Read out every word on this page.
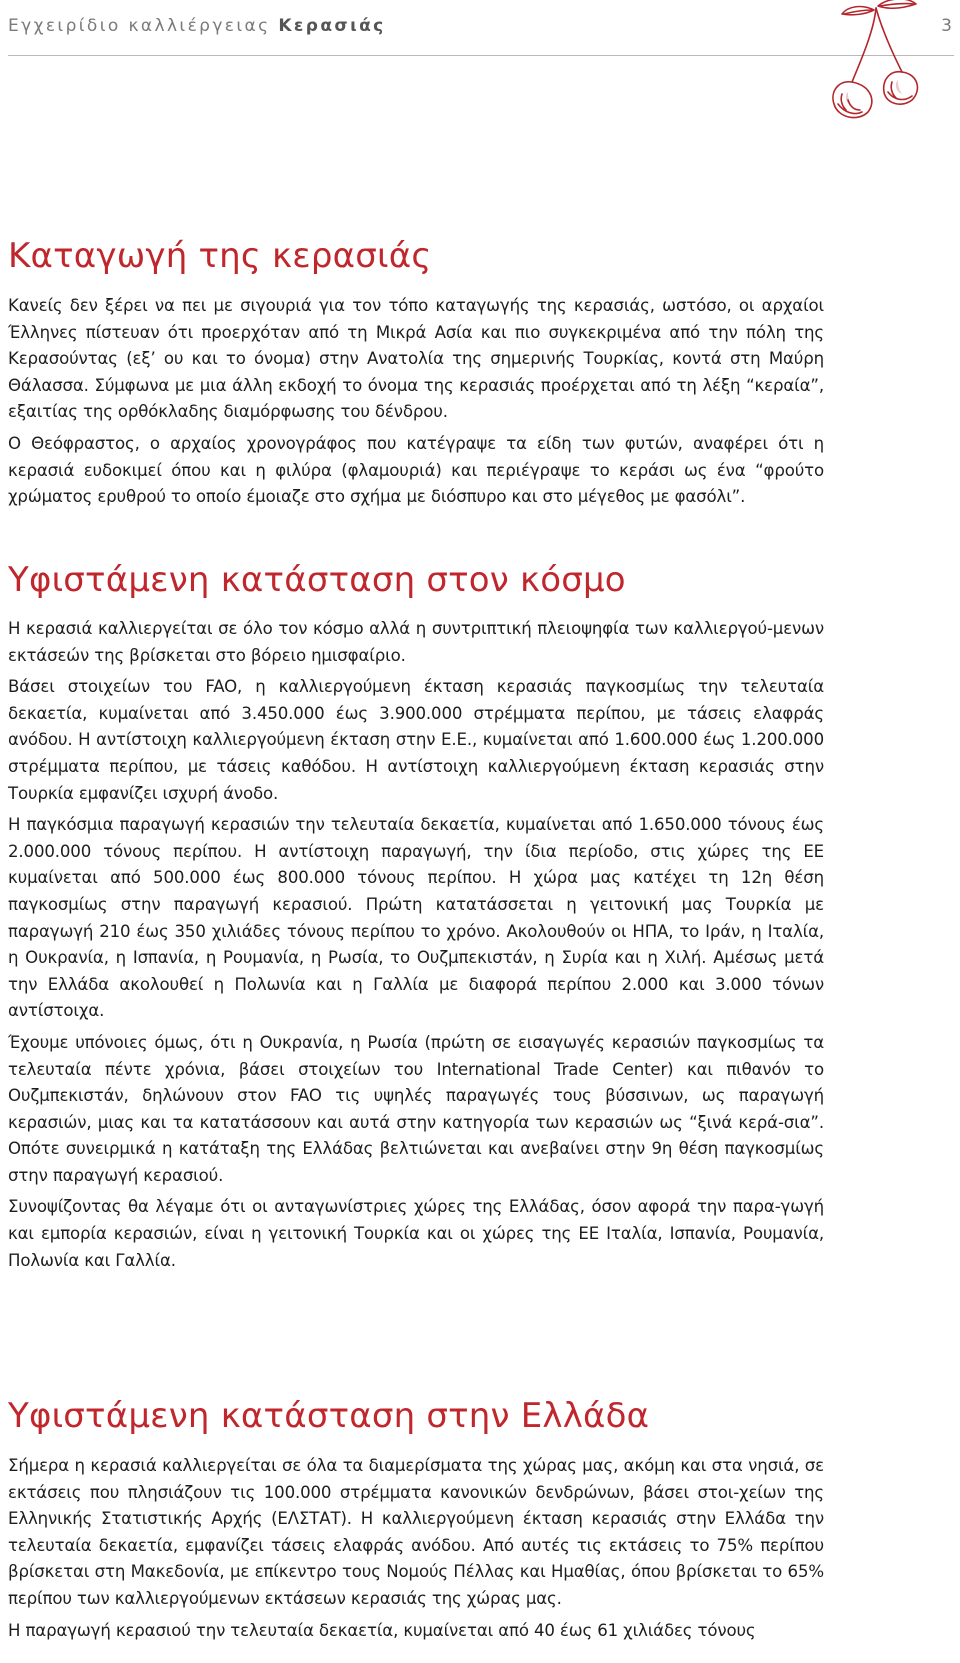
Εγχειρίδιο καλλιέργειας Κερασιάς	3
Καταγωγή της κερασιάς

Κανείς δεν ξέρει να πει με σιγουριά για τον τόπο καταγωγής της κερασιάς, ωστόσο, οι αρχαίοι Έλληνες πίστευαν ότι προερχόταν από τη Μικρά Ασία και πιο συγκεκριμένα από την πόλη της Κερασούντας (εξ’ ου και το όνομα) στην Ανατολία της σημερινής Τουρκίας, κοντά στη Μαύρη Θάλασσα. Σύμφωνα με μια άλλη εκδοχή το όνομα της κερασιάς προέρχεται από τη λέξη “κεραία”, εξαιτίας της ορθόκλαδης διαμόρφωσης του δένδρου.

Ο Θεόφραστος, ο αρχαίος χρονογράφος που κατέγραψε τα είδη των φυτών, αναφέρει ότι η κερασιά ευδοκιμεί όπου και η φιλύρα (φλαμουριά) και περιέγραψε το κεράσι ως ένα “φρούτο χρώματος ερυθρού το οποίο έμοιαζε στο σχήμα με διόσπυρο και στο μέγεθος με φασόλι”.

Υφιστάμενη κατάσταση στον κόσμο

Η κερασιά καλλιεργείται σε όλο τον κόσμο αλλά η συντριπτική πλειοψηφία των καλλιεργού-μενων εκτάσεών της βρίσκεται στο βόρειο ημισφαίριο.

Βάσει στοιχείων του FAO, η καλλιεργούμενη έκταση κερασιάς παγκοσμίως την τελευταία δεκαετία, κυμαίνεται από 3.450.000 έως 3.900.000 στρέμματα περίπου, με τάσεις ελαφράς ανόδου. Η αντίστοιχη καλλιεργούμενη έκταση στην Ε.Ε., κυμαίνεται από 1.600.000 έως 1.200.000 στρέμματα περίπου, με τάσεις καθόδου. Η αντίστοιχη καλλιεργούμενη έκταση κερασιάς στην Τουρκία εμφανίζει ισχυρή άνοδο.

Η παγκόσμια παραγωγή κερασιών την τελευταία δεκαετία, κυμαίνεται από 1.650.000 τόνους έως 2.000.000 τόνους περίπου. Η αντίστοιχη παραγωγή, την ίδια περίοδο, στις χώρες της ΕΕ κυμαίνεται από 500.000 έως 800.000 τόνους περίπου. Η χώρα μας κατέχει τη 12η θέση παγκοσμίως στην παραγωγή κερασιού. Πρώτη κατατάσσεται η γειτονική μας Τουρκία με παραγωγή 210 έως 350 χιλιάδες τόνους περίπου το χρόνο. Ακολουθούν οι ΗΠΑ, το Ιράν, η Ιταλία, η Ουκρανία, η Ισπανία, η Ρουμανία, η Ρωσία, το Ουζμπεκιστάν, η Συρία και η Χιλή. Αμέσως μετά την Ελλάδα ακολουθεί η Πολωνία και η Γαλλία με διαφορά περίπου 2.000 και 3.000 τόνων αντίστοιχα.

Έχουμε υπόνοιες όμως, ότι η Ουκρανία, η Ρωσία (πρώτη σε εισαγωγές κερασιών παγκοσμίως τα τελευταία πέντε χρόνια, βάσει στοιχείων του International Trade Center) και πιθανόν το Ουζμπεκιστάν, δηλώνουν στον FAO τις υψηλές παραγωγές τους βύσσινων, ως παραγωγή κερασιών, μιας και τα κατατάσσουν και αυτά στην κατηγορία των κερασιών ως “ξινά κερά-σια”. Οπότε συνειρμικά η κατάταξη της Ελλάδας βελτιώνεται και ανεβαίνει στην 9η θέση παγκοσμίως στην παραγωγή κερασιού.

Συνοψίζοντας θα λέγαμε ότι οι ανταγωνίστριες χώρες της Ελλάδας, όσον αφορά την παρα-γωγή και εμπορία κερασιών, είναι η γειτονική Τουρκία και οι χώρες της ΕΕ Ιταλία, Ισπανία, Ρουμανία, Πολωνία και Γαλλία.

Υφιστάμενη κατάσταση στην Ελλάδα

Σήμερα η κερασιά καλλιεργείται σε όλα τα διαμερίσματα της χώρας μας, ακόμη και στα νησιά, σε εκτάσεις που πλησιάζουν τις 100.000 στρέμματα κανονικών δενδρώνων, βάσει στοι-χείων της Ελληνικής Στατιστικής Αρχής (ΕΛΣΤΑΤ). Η καλλιεργούμενη έκταση κερασιάς στην Ελλάδα την τελευταία δεκαετία, εμφανίζει τάσεις ελαφράς ανόδου. Από αυτές τις εκτάσεις το 75% περίπου βρίσκεται στη Μακεδονία, με επίκεντρο τους Νομούς Πέλλας και Ημαθίας, όπου βρίσκεται το 65% περίπου των καλλιεργούμενων εκτάσεων κερασιάς της χώρας μας.

Η παραγωγή κερασιού την τελευταία δεκαετία, κυμαίνεται από 40 έως 61 χιλιάδες τόνους
